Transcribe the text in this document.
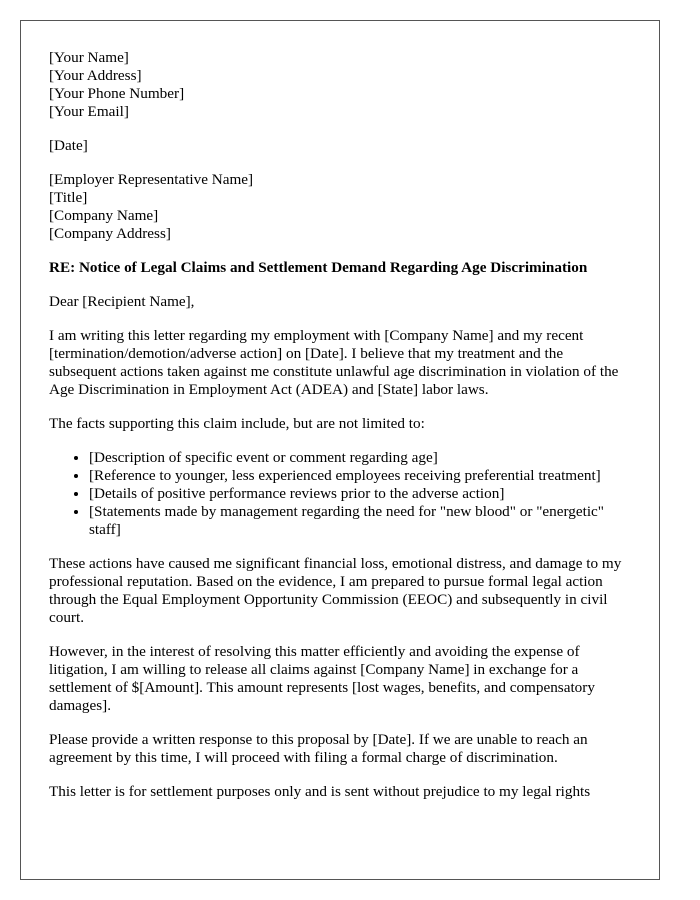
[Your Name]
[Your Address]
[Your Phone Number]
[Your Email]
[Date]
[Employer Representative Name]
[Title]
[Company Name]
[Company Address]
RE: Notice of Legal Claims and Settlement Demand Regarding Age Discrimination

Dear [Recipient Name],

I am writing this letter regarding my employment with [Company Name] and my recent [termination/demotion/adverse action] on [Date]. I believe that my treatment and the subsequent actions taken against me constitute unlawful age discrimination in violation of the Age Discrimination in Employment Act (ADEA) and [State] labor laws.

The facts supporting this claim include, but are not limited to:

• [Description of specific event or comment regarding age]
• [Reference to younger, less experienced employees receiving preferential treatment]
• [Details of positive performance reviews prior to the adverse action]
• [Statements made by management regarding the need for "new blood" or "energetic" staff]

These actions have caused me significant financial loss, emotional distress, and damage to my professional reputation. Based on the evidence, I am prepared to pursue formal legal action through the Equal Employment Opportunity Commission (EEOC) and subsequently in civil court.

However, in the interest of resolving this matter efficiently and avoiding the expense of litigation, I am willing to release all claims against [Company Name] in exchange for a settlement of $[Amount]. This amount represents [lost wages, benefits, and compensatory damages].

Please provide a written response to this proposal by [Date]. If we are unable to reach an agreement by this time, I will proceed with filing a formal charge of discrimination.

This letter is for settlement purposes only and is sent without prejudice to my legal rights
